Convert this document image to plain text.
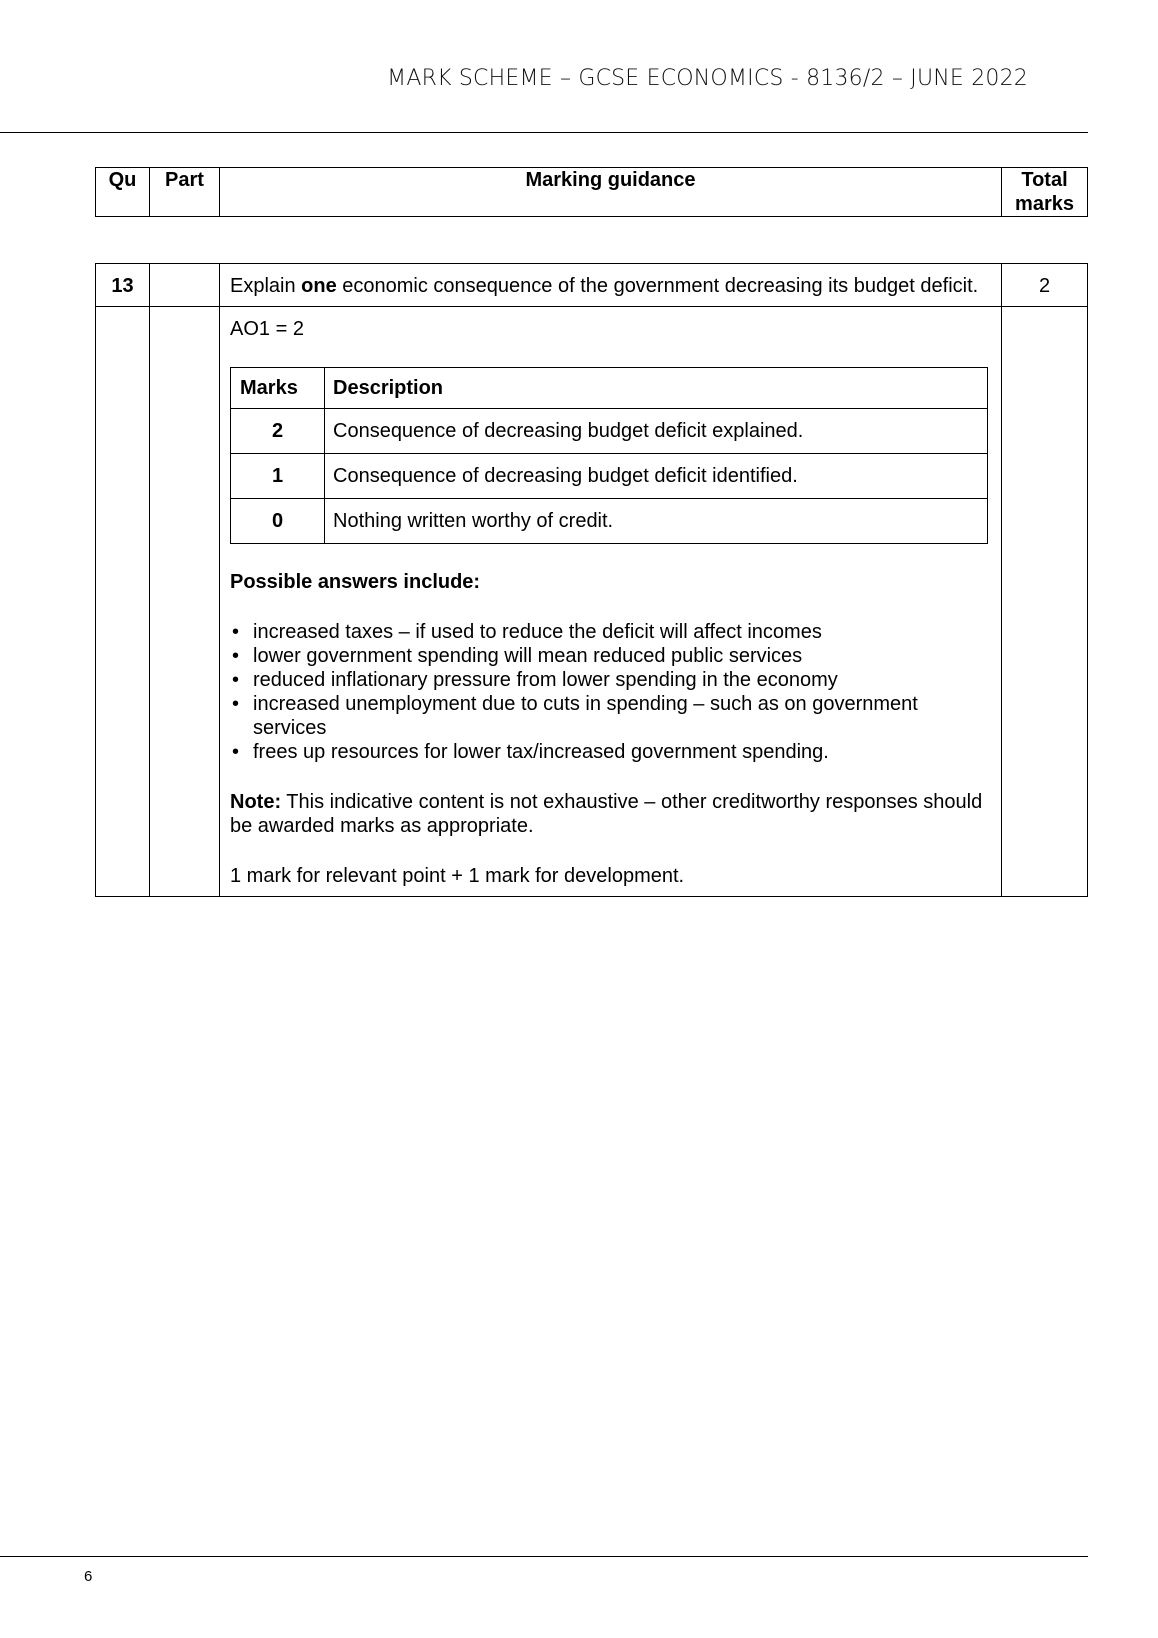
MARK SCHEME – GCSE ECONOMICS - 8136/2 – JUNE 2022
Qu	Part	Marking guidance	Total marks
13		Explain one economic consequence of the government decreasing its budget deficit.	2

AO1 = 2
Marks	Description
2	Consequence of decreasing budget deficit explained.
1	Consequence of decreasing budget deficit identified.
0	Nothing written worthy of credit.
Possible answers include:
• increased taxes – if used to reduce the deficit will affect incomes
• lower government spending will mean reduced public services
• reduced inflationary pressure from lower spending in the economy
• increased unemployment due to cuts in spending – such as on government services
• frees up resources for lower tax/increased government spending.
Note: This indicative content is not exhaustive – other creditworthy responses should be awarded marks as appropriate.
1 mark for relevant point + 1 mark for development.

6
